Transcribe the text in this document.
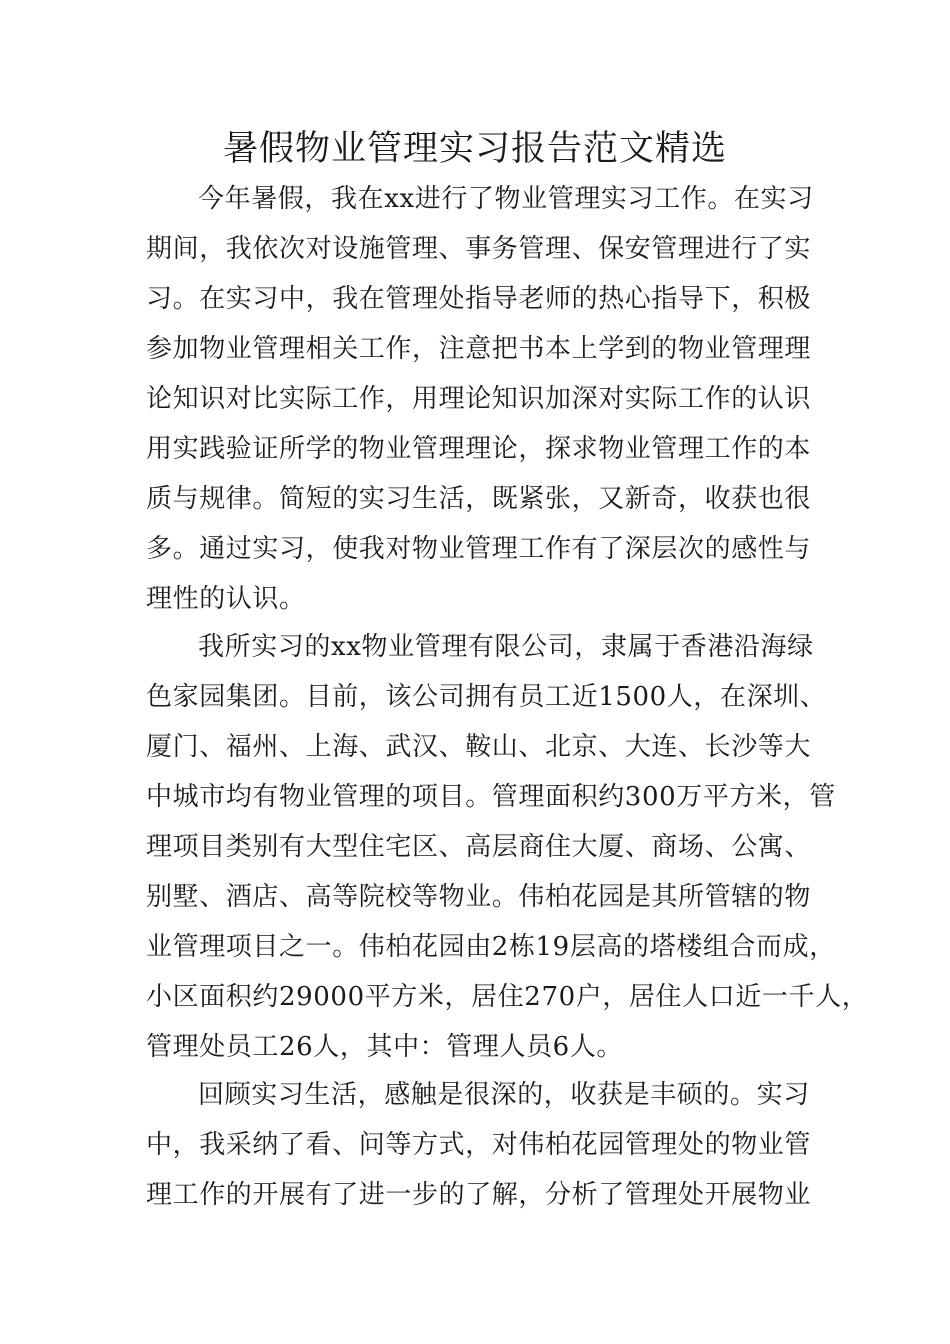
暑假物业管理实习报告范文精选
今年暑假，我在xx进行了物业管理实习工作。在实习
期间，我依次对设施管理、事务管理、保安管理进行了实
习。在实习中，我在管理处指导老师的热心指导下，积极
参加物业管理相关工作，注意把书本上学到的物业管理理
论知识对比实际工作，用理论知识加深对实际工作的认识
用实践验证所学的物业管理理论，探求物业管理工作的本
质与规律。简短的实习生活，既紧张，又新奇，收获也很
多。通过实习，使我对物业管理工作有了深层次的感性与
理性的认识。
我所实习的xx物业管理有限公司，隶属于香港沿海绿
色家园集团。目前，该公司拥有员工近1500人，在深圳、
厦门、福州、上海、武汉、鞍山、北京、大连、长沙等大
中城市均有物业管理的项目。管理面积约300万平方米，管
理项目类别有大型住宅区、高层商住大厦、商场、公寓、
别墅、酒店、高等院校等物业。伟柏花园是其所管辖的物
业管理项目之一。伟柏花园由2栋19层高的塔楼组合而成，
小区面积约29000平方米，居住270户，居住人口近一千人，
管理处员工26人，其中：管理人员6人。
回顾实习生活，感触是很深的，收获是丰硕的。实习
中，我采纳了看、问等方式，对伟柏花园管理处的物业管
理工作的开展有了进一步的了解，分析了管理处开展物业
